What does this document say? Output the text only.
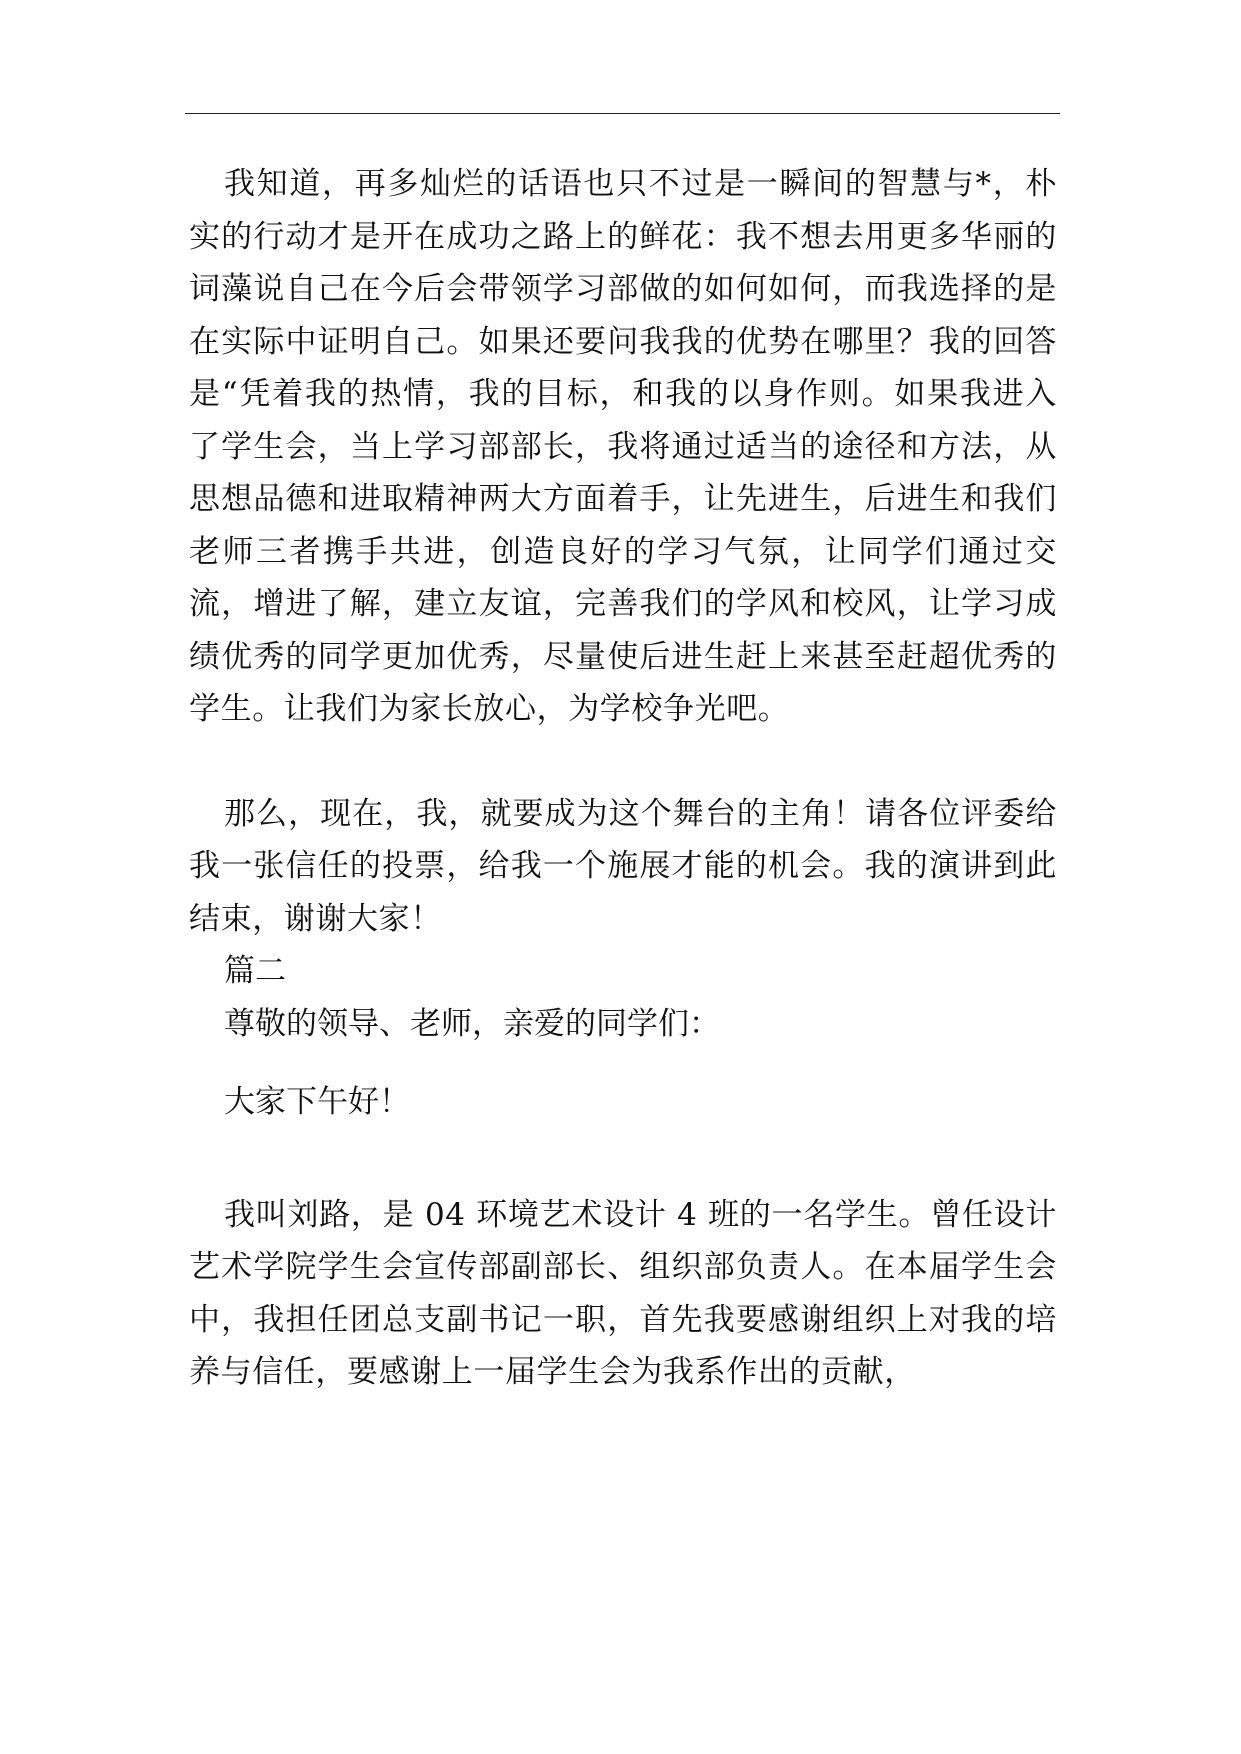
我知道，再多灿烂的话语也只不过是一瞬间的智慧与*，朴实的行动才是开在成功之路上的鲜花：我不想去用更多华丽的词藻说自己在今后会带领学习部做的如何如何，而我选择的是在实际中证明自己。如果还要问我我的优势在哪里？我的回答是“凭着我的热情，我的目标，和我的以身作则。如果我进入了学生会，当上学习部部长，我将通过适当的途径和方法，从思想品德和进取精神两大方面着手，让先进生，后进生和我们老师三者携手共进，创造良好的学习气氛，让同学们通过交流，增进了解，建立友谊，完善我们的学风和校风，让学习成绩优秀的同学更加优秀，尽量使后进生赶上来甚至赶超优秀的学生。让我们为家长放心，为学校争光吧。

那么，现在，我，就要成为这个舞台的主角！请各位评委给我一张信任的投票，给我一个施展才能的机会。我的演讲到此结束，谢谢大家！

篇二

尊敬的领导、老师，亲爱的同学们：

大家下午好！

我叫刘路，是 04 环境艺术设计 4 班的一名学生。曾任设计艺术学院学生会宣传部副部长、组织部负责人。在本届学生会中，我担任团总支副书记一职，首先我要感谢组织上对我的培养与信任，要感谢上一届学生会为我系作出的贡献，
